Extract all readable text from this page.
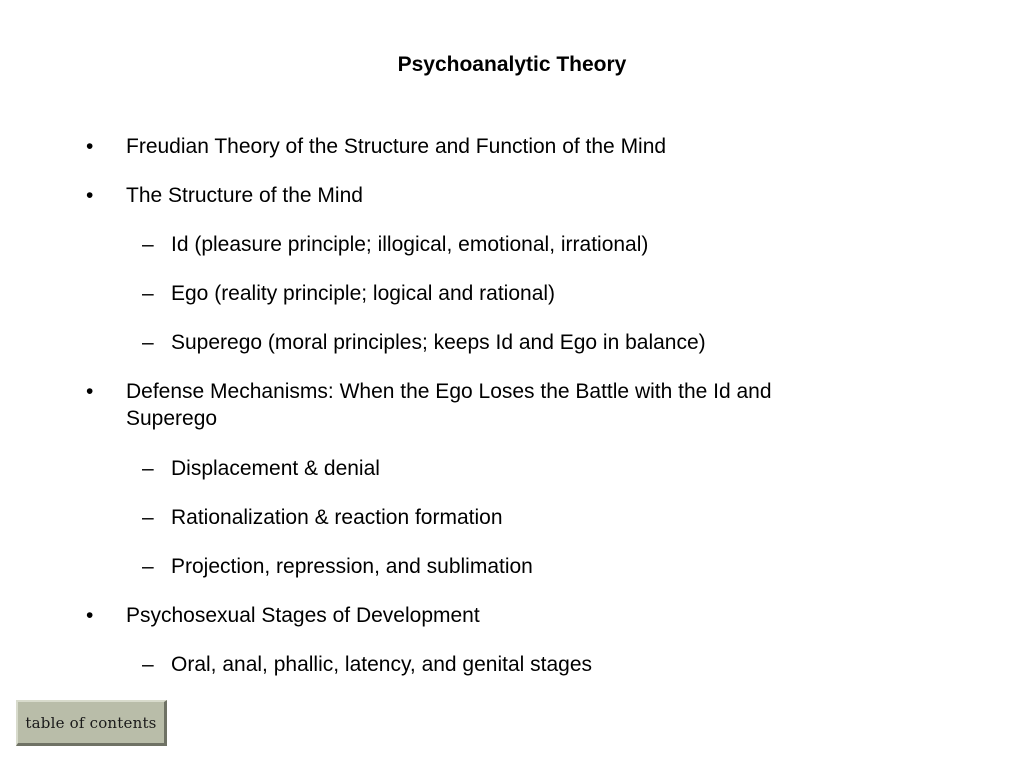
Psychoanalytic Theory
• Freudian Theory of the Structure and Function of the Mind
• The Structure of the Mind
– Id (pleasure principle; illogical, emotional, irrational)
– Ego (reality principle; logical and rational)
– Superego (moral principles; keeps Id and Ego in balance)
• Defense Mechanisms: When the Ego Loses the Battle with the Id and
Superego
– Displacement & denial
– Rationalization & reaction formation
– Projection, repression, and sublimation
• Psychosexual Stages of Development
– Oral, anal, phallic, latency, and genital stages
table of contents
